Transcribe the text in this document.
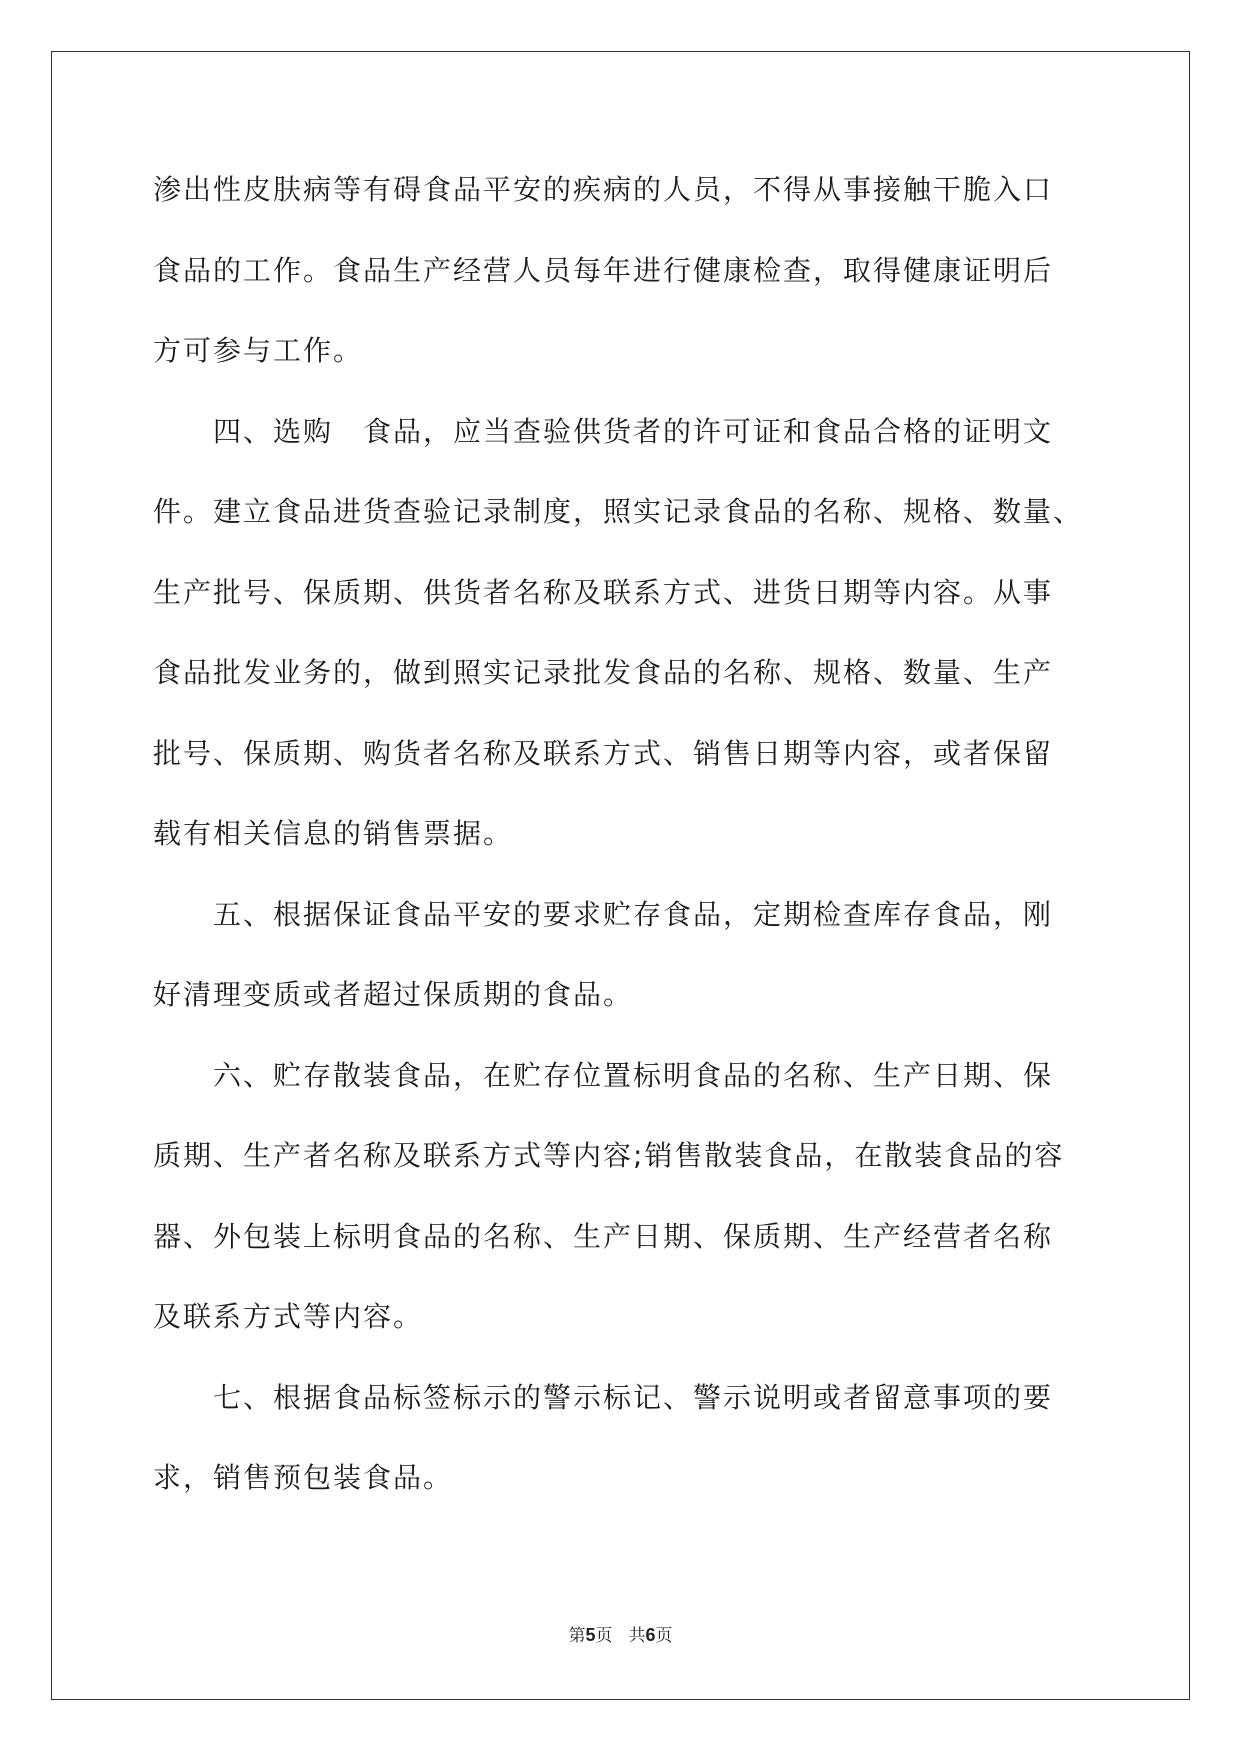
渗出性皮肤病等有碍食品平安的疾病的人员，不得从事接触干脆入口
食品的工作。食品生产经营人员每年进行健康检查，取得健康证明后
方可参与工作。
　　四、选购　食品，应当查验供货者的许可证和食品合格的证明文
件。建立食品进货查验记录制度，照实记录食品的名称、规格、数量、
生产批号、保质期、供货者名称及联系方式、进货日期等内容。从事
食品批发业务的，做到照实记录批发食品的名称、规格、数量、生产
批号、保质期、购货者名称及联系方式、销售日期等内容，或者保留
载有相关信息的销售票据。
　　五、根据保证食品平安的要求贮存食品，定期检查库存食品，刚
好清理变质或者超过保质期的食品。
　　六、贮存散装食品，在贮存位置标明食品的名称、生产日期、保
质期、生产者名称及联系方式等内容;销售散装食品，在散装食品的容
器、外包装上标明食品的名称、生产日期、保质期、生产经营者名称
及联系方式等内容。
　　七、根据食品标签标示的警示标记、警示说明或者留意事项的要
求，销售预包装食品。
第5页 共6页
